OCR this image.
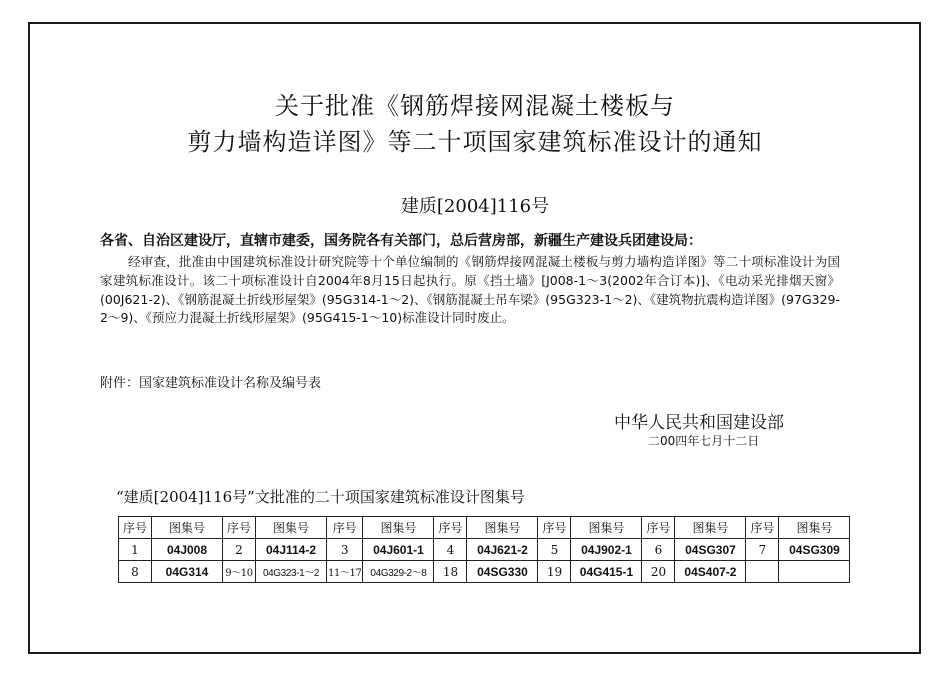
关于批准《钢筋焊接网混凝土楼板与
剪力墙构造详图》等二十项国家建筑标准设计的通知
建质[2004]116号
各省、自治区建设厅，直辖市建委，国务院各有关部门，总后营房部，新疆生产建设兵团建设局：
经审查，批准由中国建筑标准设计研究院等十个单位编制的《钢筋焊接网混凝土楼板与剪力墙构造详图》等二十项标准设计为国家建筑标准设计。该二十项标准设计自2004年8月15日起执行。原《挡土墙》[J008-1～3(2002年合订本)]、《电动采光排烟天窗》(00J621-2)、《钢筋混凝土折线形屋架》(95G314-1～2)、《钢筋混凝土吊车梁》(95G323-1～2)、《建筑物抗震构造详图》(97G329-2～9)、《预应力混凝土折线形屋架》(95G415-1～10)标准设计同时废止。
附件：国家建筑标准设计名称及编号表
中华人民共和国建设部
二00四年七月十二日
“建质[2004]116号”文批准的二十项国家建筑标准设计图集号
序号	图集号	序号	图集号	序号	图集号	序号	图集号	序号	图集号	序号	图集号	序号	图集号
1	04J008	2	04J114-2	3	04J601-1	4	04J621-2	5	04J902-1	6	04SG307	7	04SG309
8	04G314	9～10	04G323-1～2	11～17	04G329-2～8	18	04SG330	19	04G415-1	20	04S407-2		
